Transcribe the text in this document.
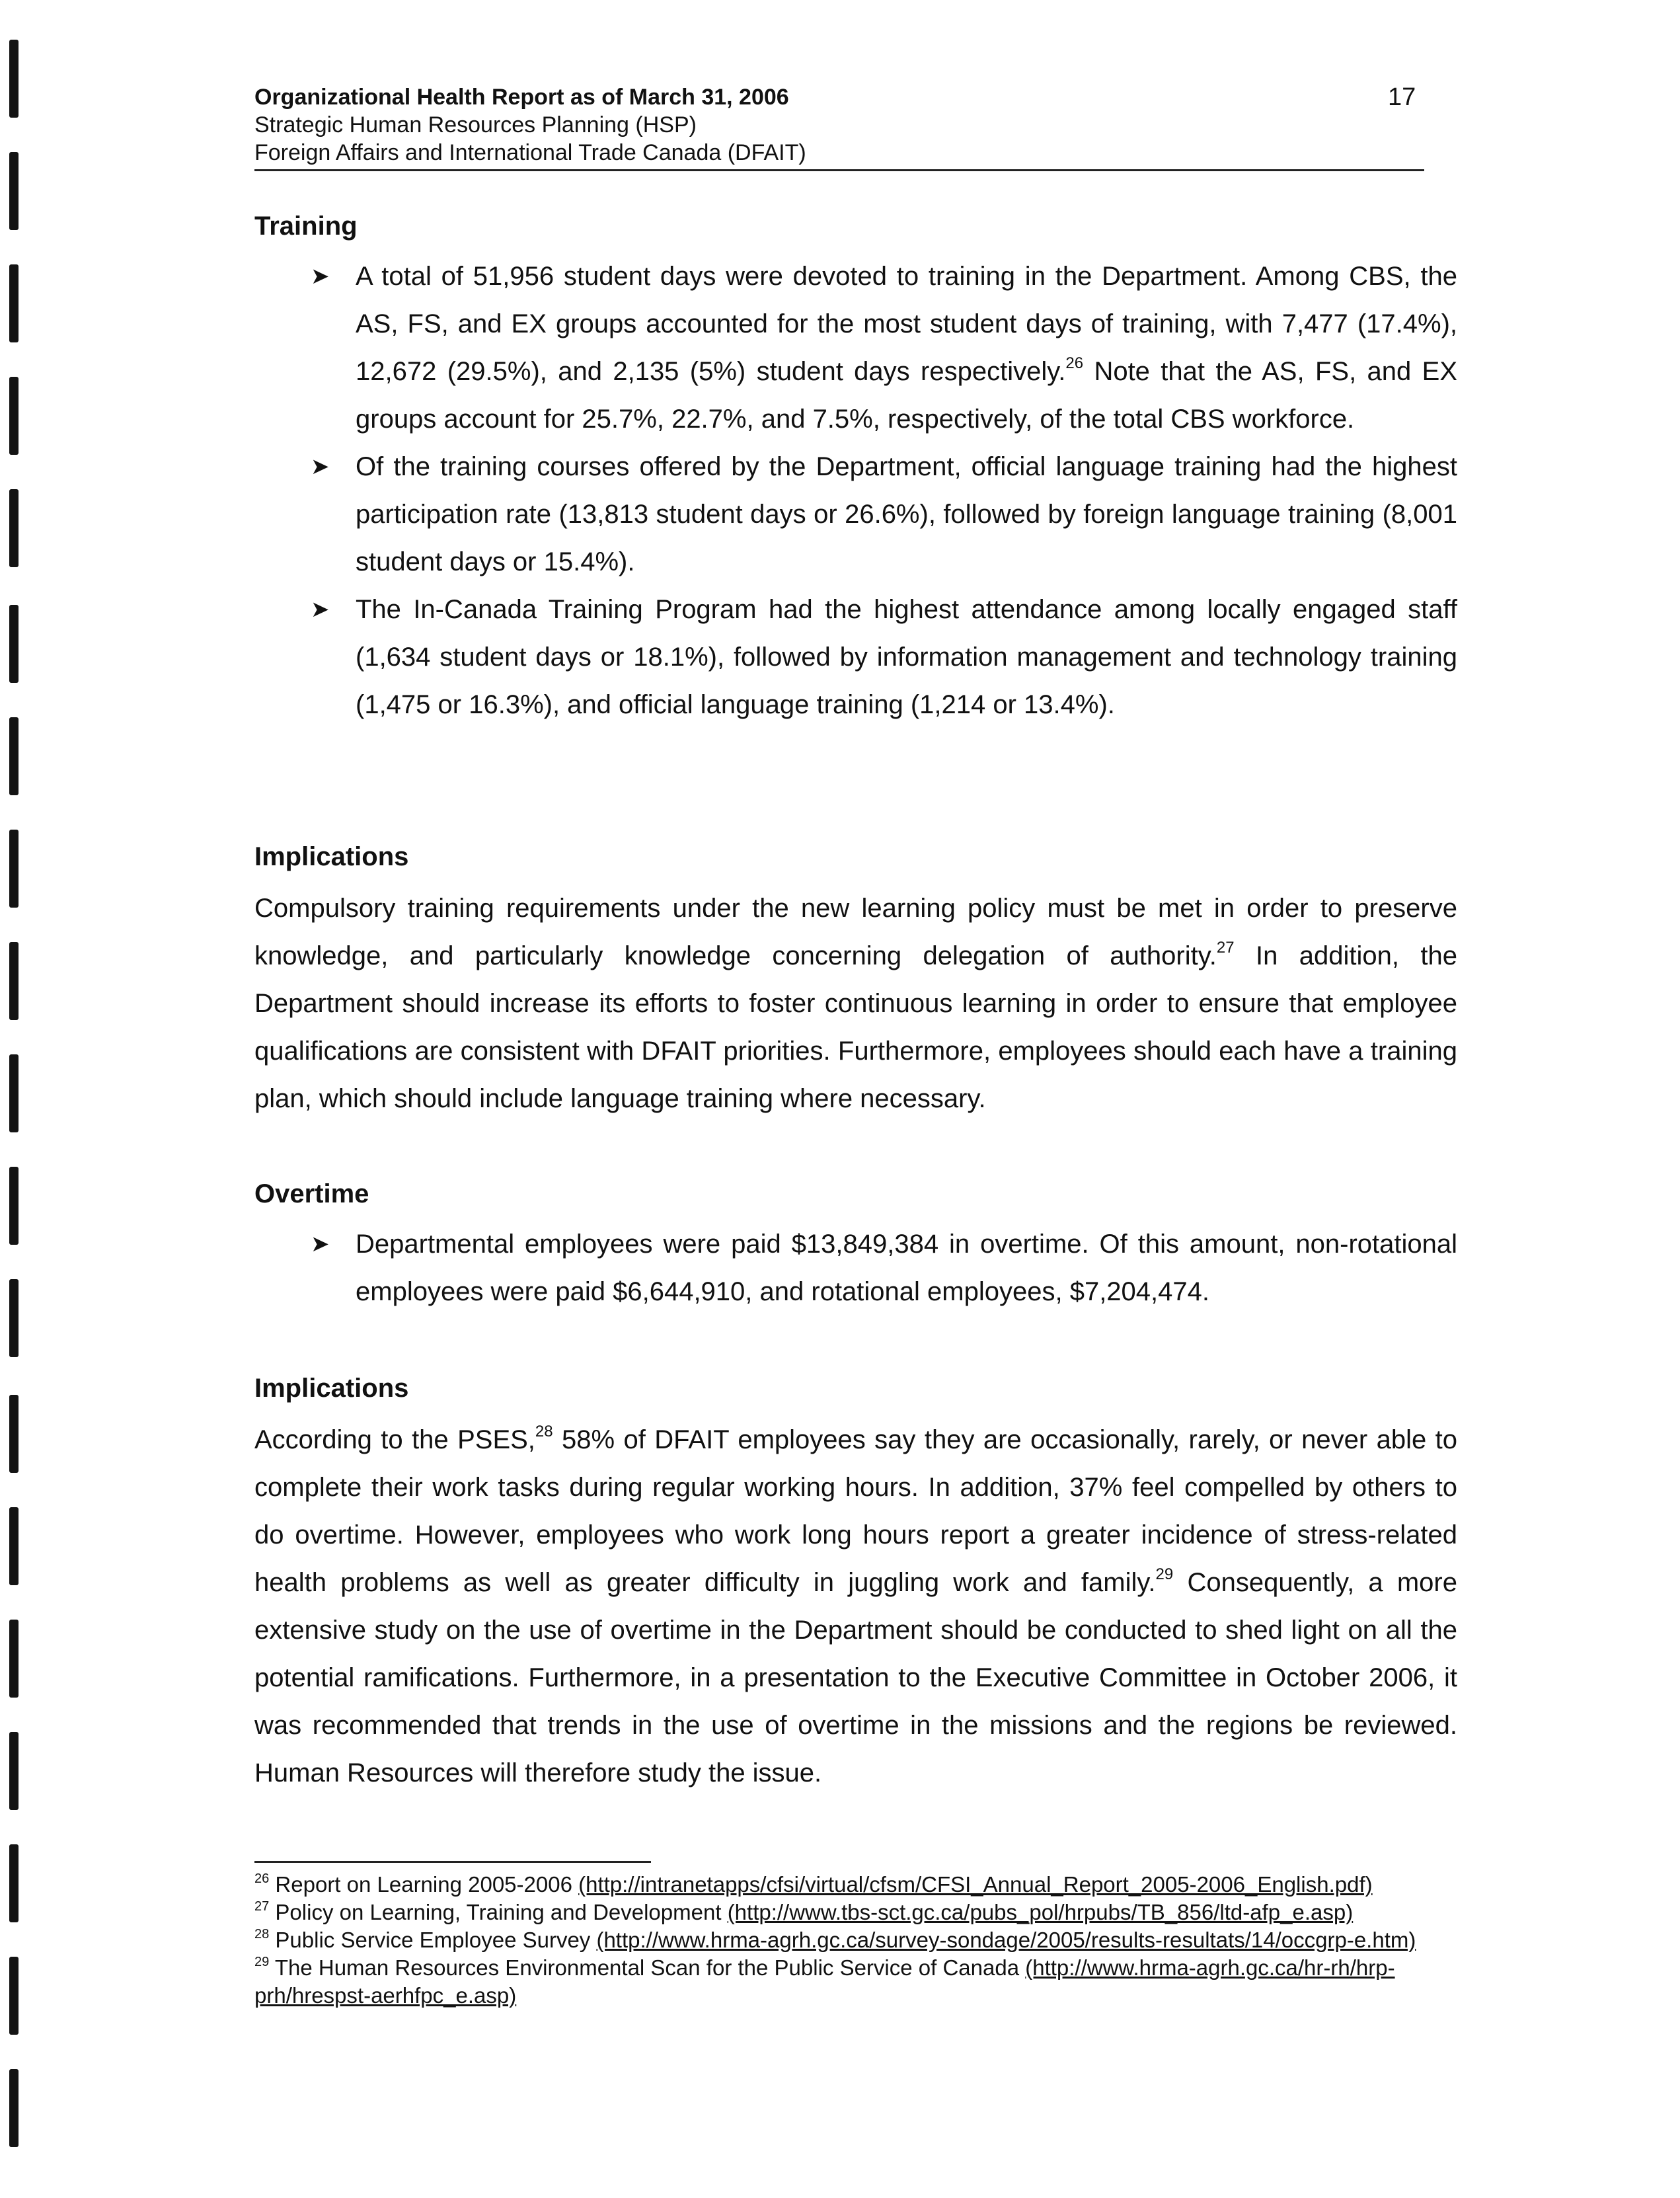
Organizational Health Report as of March 31, 2006
Strategic Human Resources Planning (HSP)
Foreign Affairs and International Trade Canada (DFAIT)
17
Training
➤ A total of 51,956 student days were devoted to training in the Department. Among CBS, the AS, FS, and EX groups accounted for the most student days of training, with 7,477 (17.4%), 12,672 (29.5%), and 2,135 (5%) student days respectively.$^{26}$ Note that the AS, FS, and EX groups account for 25.7%, 22.7%, and 7.5%, respectively, of the total CBS workforce.
➤ Of the training courses offered by the Department, official language training had the highest participation rate (13,813 student days or 26.6%), followed by foreign language training (8,001 student days or 15.4%).
➤ The In-Canada Training Program had the highest attendance among locally engaged staff (1,634 student days or 18.1%), followed by information management and technology training (1,475 or 16.3%), and official language training (1,214 or 13.4%).
Implications

Compulsory training requirements under the new learning policy must be met in order to preserve knowledge, and particularly knowledge concerning delegation of authority.$^{27}$ In addition, the Department should increase its efforts to foster continuous learning in order to ensure that employee qualifications are consistent with DFAIT priorities. Furthermore, employees should each have a training plan, which should include language training where necessary.

Overtime
➤ Departmental employees were paid $13,849,384 in overtime. Of this amount, non-rotational employees were paid $6,644,910, and rotational employees, $7,204,474.
Implications

According to the PSES,$^{28}$ 58% of DFAIT employees say they are occasionally, rarely, or never able to complete their work tasks during regular working hours. In addition, 37% feel compelled by others to do overtime. However, employees who work long hours report a greater incidence of stress-related health problems as well as greater difficulty in juggling work and family.$^{29}$ Consequently, a more extensive study on the use of overtime in the Department should be conducted to shed light on all the potential ramifications. Furthermore, in a presentation to the Executive Committee in October 2006, it was recommended that trends in the use of overtime in the missions and the regions be reviewed. Human Resources will therefore study the issue.

$^{26}$ Report on Learning 2005-2006 (http://intranetapps/cfsi/virtual/cfsm/CFSI_Annual_Report_2005-2006_English.pdf)

$^{27}$ Policy on Learning, Training and Development (http://www.tbs-sct.gc.ca/pubs_pol/hrpubs/TB_856/ltd-afp_e.asp)

$^{28}$ Public Service Employee Survey (http://www.hrma-agrh.gc.ca/survey-sondage/2005/results-resultats/14/occgrp-e.htm)

$^{29}$ The Human Resources Environmental Scan for the Public Service of Canada (http://www.hrma-agrh.gc.ca/hr-rh/hrp-prh/hrespst-aerhfpc_e.asp)
